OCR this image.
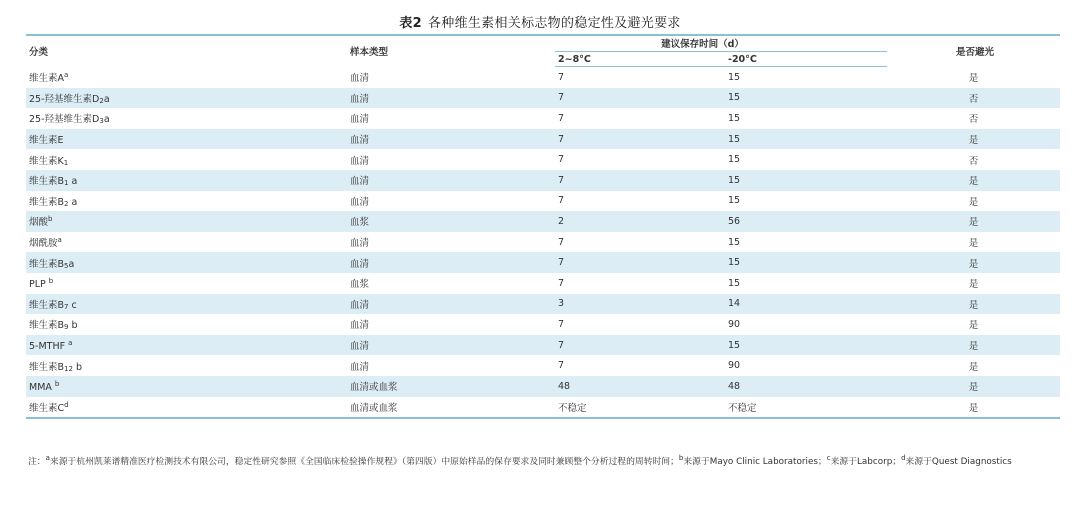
表2 各种维生素相关标志物的稳定性及避光要求
分类	样本类型	建议保存时间（d）		是否避光
		2~8°C	-20°C	
维生素$A^a$	血清	7	15	是
25-羟基维生素$D_2a$	血清	7	15	否
25-羟基维生素$D_3a$	血清	7	15	否
维生素E	血清	7	15	是
维生素$K_1$	血清	7	15	否
维生素$B_1$ a	血清	7	15	是
维生素$B_2$ a	血清	7	15	是
烟酸$^b$	血浆	2	56	是
烟酰胺$^a$	血清	7	15	是
维生素$B_5a$	血清	7	15	是
PLP $^b$	血浆	7	15	是
维生素$B_7$ c	血清	3	14	是
维生素$B_9$ b	血清	7	90	是
5-MTHF $^a$	血清	7	15	是
维生素$B_{12}$ b	血清	7	90	是
MMA $^b$	血清或血浆	48	48	是
维生素$C^d$	血清或血浆	不稳定	不稳定	是
注：$^a$来源于杭州凯莱谱精准医疗检测技术有限公司，稳定性研究参照《全国临床检验操作规程》（第四版）中原始样品的保存要求及同时兼顾整个分析过程的周转时间；$^b$来源于Mayo Clinic Laboratories；$^c$来源于Labcorp；$^d$来源于Quest Diagnostics
